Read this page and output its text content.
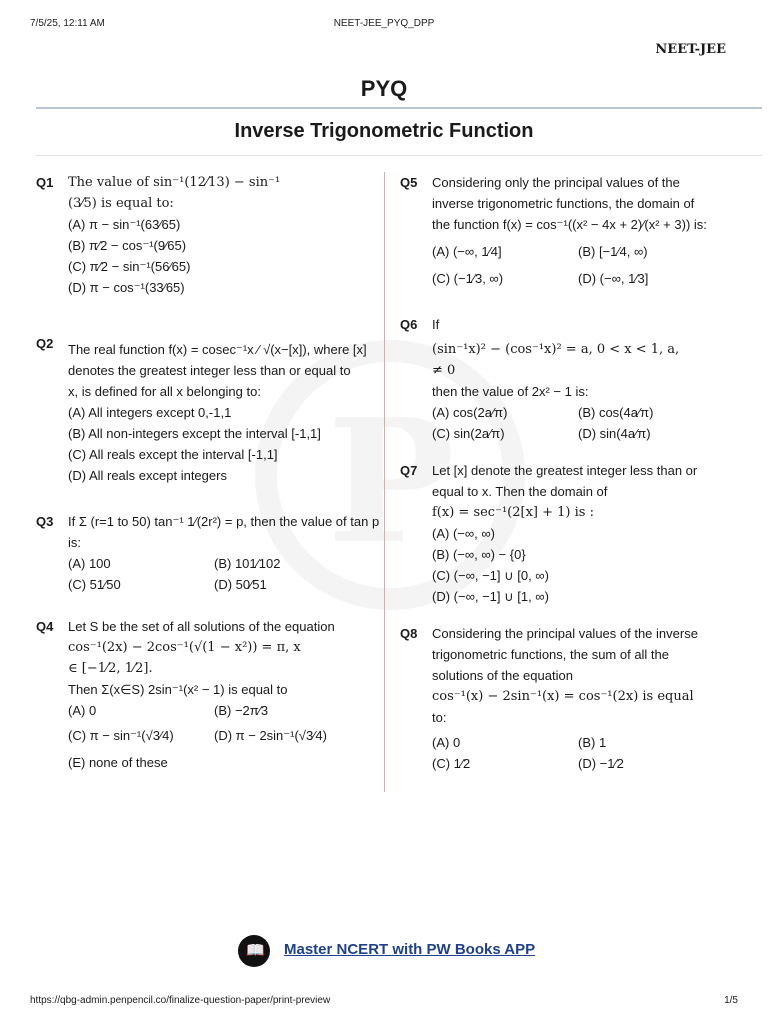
7/5/25, 12:11 AM	NEET-JEE_PYQ_DPP
NEET-JEE
PYQ
Inverse Trigonometric Function
Q1 The value of sin⁻¹(12⁄13) − sin⁻¹
(3⁄5) is equal to:
(A) π − sin⁻¹(63⁄65)
(B) π⁄2 − cos⁻¹(9⁄65)
(C) π⁄2 − sin⁻¹(56⁄65)
(D) π − cos⁻¹(33⁄65)
Q2 The real function f(x) = cosec⁻¹x ⁄ √(x−[x]), where [x]
denotes the greatest integer less than or equal to
x, is defined for all x belonging to:
(A) All integers except 0,-1,1
(B) All non-integers except the interval [-1,1]
(C) All reals except the interval [-1,1]
(D) All reals except integers
Q3 If Σ (r=1 to 50) tan⁻¹ 1⁄(2r²) = p, then the value of tan p
is:
(A) 100	(B) 101⁄102
(C) 51⁄50	(D) 50⁄51
Q4 Let S be the set of all solutions of the equation
cos⁻¹(2x) − 2cos⁻¹(√(1 − x²)) = π, x
∈ [−1⁄2, 1⁄2].
Then Σ(x∈S) 2sin⁻¹(x² − 1) is equal to
(A) 0	(B) −2π⁄3
(C) π − sin⁻¹(√3⁄4)	(D) π − 2sin⁻¹(√3⁄4)
(E) none of these
Q5 Considering only the principal values of the
inverse trigonometric functions, the domain of
the function f(x) = cos⁻¹((x² − 4x + 2)⁄(x² + 3)) is:
(A) (−∞, 1⁄4]	(B) [−1⁄4, ∞)
(C) (−1⁄3, ∞)	(D) (−∞, 1⁄3]
Q6 If
(sin⁻¹x)² − (cos⁻¹x)² = a, 0 < x < 1, a,
≠ 0
then the value of 2x² − 1 is:
(A) cos(2a⁄π)	(B) cos(4a⁄π)
(C) sin(2a⁄π)	(D) sin(4a⁄π)
Q7 Let [x] denote the greatest integer less than or
equal to x. Then the domain of
f(x) = sec⁻¹(2[x] + 1) is :
(A) (−∞, ∞)
(B) (−∞, ∞) − {0}
(C) (−∞, −1] ∪ [0, ∞)
(D) (−∞, −1] ∪ [1, ∞)
Q8 Considering the principal values of the inverse
trigonometric functions, the sum of all the
solutions of the equation
cos⁻¹(x) − 2sin⁻¹(x) = cos⁻¹(2x) is equal
to:
(A) 0	(B) 1
(C) 1⁄2	(D) −1⁄2
📖 Master NCERT with PW Books APP
https://qbg-admin.penpencil.co/finalize-question-paper/print-preview	1/5
